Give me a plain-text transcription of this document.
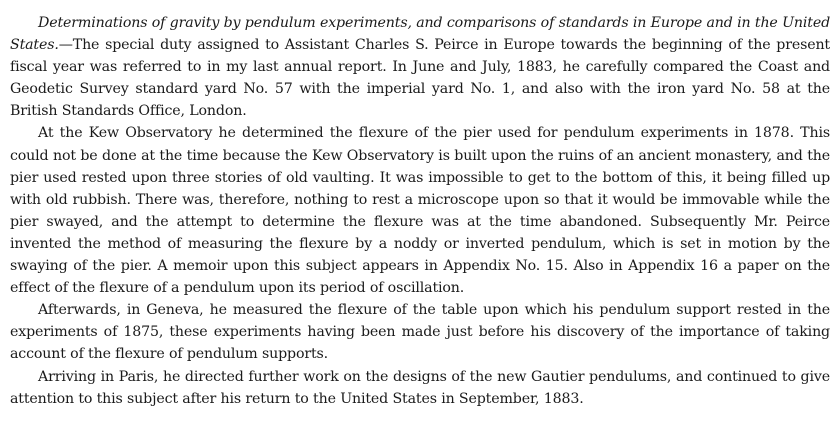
Determinations of gravity by pendulum experiments, and comparisons of standards in Europe and in the United States.—The special duty assigned to Assistant Charles S. Peirce in Europe towards the beginning of the present fiscal year was referred to in my last annual report. In June and July, 1883, he carefully compared the Coast and Geodetic Survey standard yard No. 57 with the imperial yard No. 1, and also with the iron yard No. 58 at the British Standards Office, London.

At the Kew Observatory he determined the flexure of the pier used for pendulum experiments in 1878. This could not be done at the time because the Kew Observatory is built upon the ruins of an ancient monastery, and the pier used rested upon three stories of old vaulting. It was impossible to get to the bottom of this, it being filled up with old rubbish. There was, therefore, nothing to rest a microscope upon so that it would be immovable while the pier swayed, and the attempt to determine the flexure was at the time abandoned. Subsequently Mr. Peirce invented the method of measuring the flexure by a noddy or inverted pendulum, which is set in motion by the swaying of the pier. A memoir upon this subject appears in Appendix No. 15. Also in Appendix 16 a paper on the effect of the flexure of a pendulum upon its period of oscillation.

Afterwards, in Geneva, he measured the flexure of the table upon which his pendulum support rested in the experiments of 1875, these experiments having been made just before his discovery of the importance of taking account of the flexure of pendulum supports.

Arriving in Paris, he directed further work on the designs of the new Gautier pendulums, and continued to give attention to this subject after his return to the United States in September, 1883.
